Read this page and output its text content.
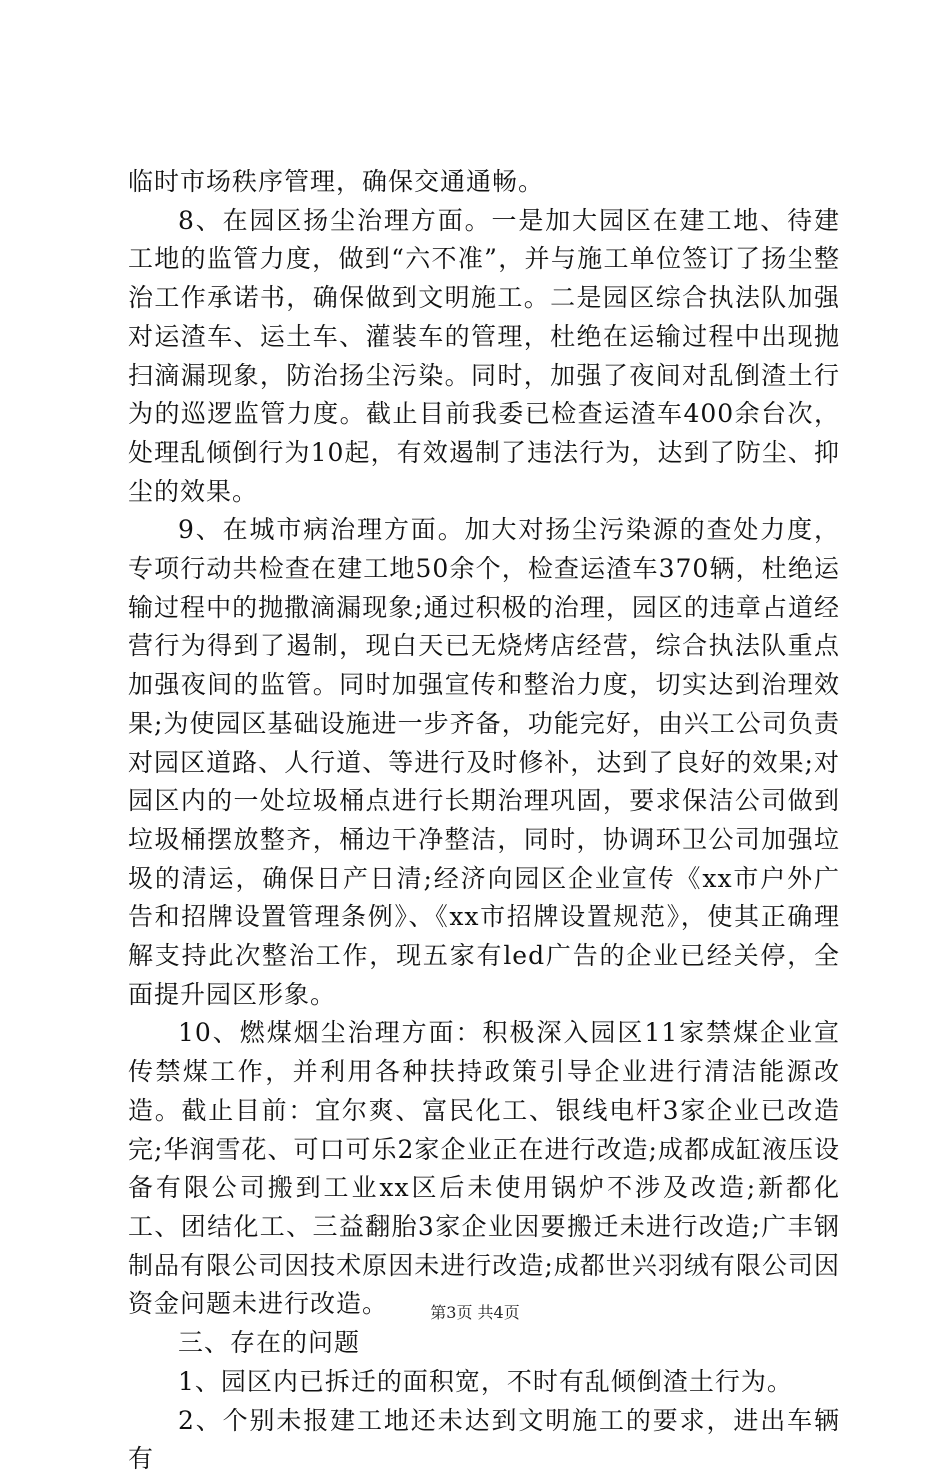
临时市场秩序管理，确保交通通畅。

8、在园区扬尘治理方面。一是加大园区在建工地、待建工地的监管力度，做到“六不准”，并与施工单位签订了扬尘整治工作承诺书，确保做到文明施工。二是园区综合执法队加强对运渣车、运土车、灌装车的管理，杜绝在运输过程中出现抛扫滴漏现象，防治扬尘污染。同时，加强了夜间对乱倒渣土行为的巡逻监管力度。截止目前我委已检查运渣车400余台次，处理乱倾倒行为10起，有效遏制了违法行为，达到了防尘、抑尘的效果。

9、在城市病治理方面。加大对扬尘污染源的查处力度，专项行动共检查在建工地50余个，检查运渣车370辆，杜绝运输过程中的抛撒滴漏现象;通过积极的治理，园区的违章占道经营行为得到了遏制，现白天已无烧烤店经营，综合执法队重点加强夜间的监管。同时加强宣传和整治力度，切实达到治理效果;为使园区基础设施进一步齐备，功能完好，由兴工公司负责对园区道路、人行道、等进行及时修补，达到了良好的效果;对园区内的一处垃圾桶点进行长期治理巩固，要求保洁公司做到垃圾桶摆放整齐，桶边干净整洁，同时，协调环卫公司加强垃圾的清运，确保日产日清;经济向园区企业宣传《xx市户外广告和招牌设置管理条例》、《xx市招牌设置规范》，使其正确理解支持此次整治工作，现五家有led广告的企业已经关停，全面提升园区形象。

10、燃煤烟尘治理方面：积极深入园区11家禁煤企业宣传禁煤工作，并利用各种扶持政策引导企业进行清洁能源改造。截止目前：宜尔爽、富民化工、银线电杆3家企业已改造完;华润雪花、可口可乐2家企业正在进行改造;成都成缸液压设备有限公司搬到工业xx区后未使用锅炉不涉及改造;新都化工、团结化工、三益翻胎3家企业因要搬迁未进行改造;广丰钢制品有限公司因技术原因未进行改造;成都世兴羽绒有限公司因资金问题未进行改造。

三、存在的问题

1、园区内已拆迁的面积宽，不时有乱倾倒渣土行为。

2、个别未报建工地还未达到文明施工的要求，进出车辆有

第3页 共4页
